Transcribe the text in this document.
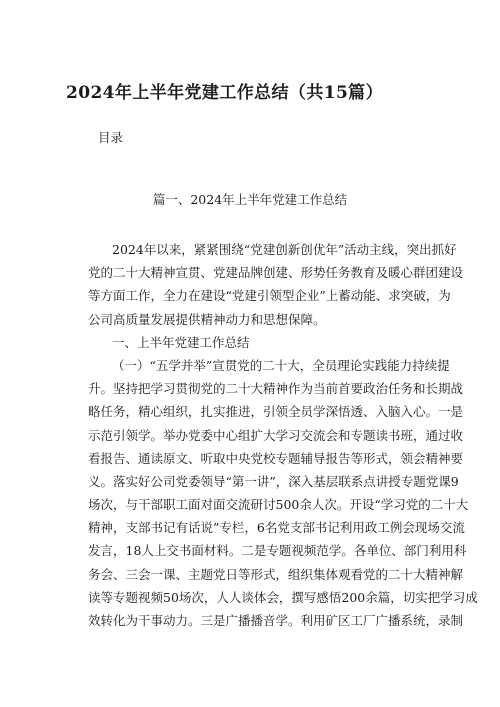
2024年上半年党建工作总结（共15篇）
目录
篇一、2024年上半年党建工作总结
2024年以来，紧紧围绕“党建创新创优年”活动主线，突出抓好
党的二十大精神宣贯、党建品牌创建、形势任务教育及暖心群团建设
等方面工作，全力在建设“党建引领型企业”上蓄动能、求突破，为
公司高质量发展提供精神动力和思想保障。
一、上半年党建工作总结
（一）“五学并举”宣贯党的二十大，全员理论实践能力持续提
升。坚持把学习贯彻党的二十大精神作为当前首要政治任务和长期战
略任务，精心组织，扎实推进，引领全员学深悟透、入脑入心。一是
示范引领学。举办党委中心组扩大学习交流会和专题读书班，通过收
看报告、通读原文、听取中央党校专题辅导报告等形式，领会精神要
义。落实好公司党委领导“第一讲”，深入基层联系点讲授专题党课9
场次，与干部职工面对面交流研讨500余人次。开设“学习党的二十大
精神，支部书记有话说”专栏，6名党支部书记利用政工例会现场交流
发言，18人上交书面材料。二是专题视频范学。各单位、部门利用科
务会、三会一课、主题党日等形式，组织集体观看党的二十大精神解
读等专题视频50场次，人人谈体会，撰写感悟200余篇，切实把学习成
效转化为干事动力。三是广播播音学。利用矿区工厂广播系统，录制
